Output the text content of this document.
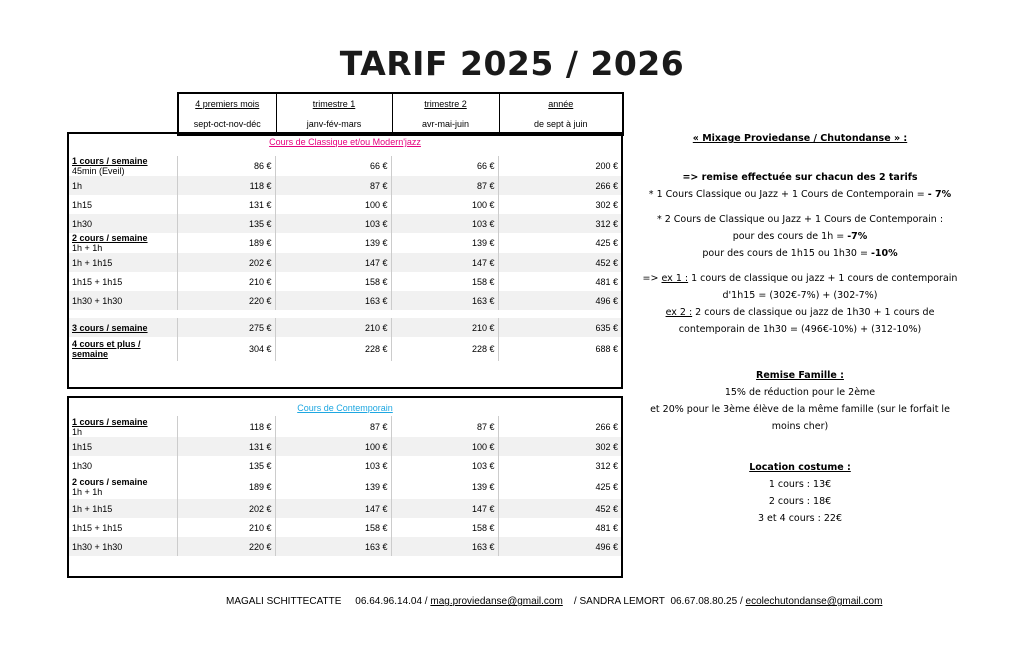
TARIF 2025 / 2026
4 premiers mois	trimestre 1	trimestre 2	année
sept-oct-nov-déc	janv-fév-mars	avr-mai-juin	de sept à juin
Cours de Classique et/ou Modern'jazz				

1 cours / semaine
45min (Eveil)	86 €	66 €	66 €	200 €
1h	118 €	87 €	87 €	266 €
1h15	131 €	100 €	100 €	302 €
1h30	135 €	103 €	103 €	312 €

2 cours / semaine
1h + 1h	189 €	139 €	139 €	425 €
1h + 1h15	202 €	147 €	147 €	452 €
1h15 + 1h15	210 €	158 €	158 €	481 €
1h30 + 1h30	220 €	163 €	163 €	496 €

3 cours / semaine	275 €	210 €	210 €	635 €

4 cours et plus / semaine	304 €	228 €	228 €	688 €
Cours de Contemporain				

1 cours / semaine
1h	118 €	87 €	87 €	266 €
1h15	131 €	100 €	100 €	302 €
1h30	135 €	103 €	103 €	312 €

2 cours / semaine
1h + 1h	189 €	139 €	139 €	425 €
1h + 1h15	202 €	147 €	147 €	452 €
1h15 + 1h15	210 €	158 €	158 €	481 €
1h30 + 1h30	220 €	163 €	163 €	496 €

« Mixage Proviedanse / Chutondanse » :

=> remise effectuée sur chacun des 2 tarifs

* 1 Cours Classique ou Jazz + 1 Cours de Contemporain = - 7%

* 2 Cours de Classique ou Jazz + 1 Cours de Contemporain :

pour des cours de 1h = -7%

pour des cours de 1h15 ou 1h30 = -10%

=> ex 1 : 1 cours de classique ou jazz + 1 cours de contemporain

d'1h15 = (302€-7%) + (302-7%)

ex 2 : 2 cours de classique ou jazz de 1h30 + 1 cours de

contemporain de 1h30 = (496€-10%) + (312-10%)

Remise Famille :

15% de réduction pour le 2ème

et 20% pour le 3ème élève de la même famille (sur le forfait le

moins cher)

Location costume :

1 cours : 13€

2 cours : 18€

3 et 4 cours : 22€

MAGALI SCHITTECATTE 06.64.96.14.04 / mag.proviedanse@gmail.com    / SANDRA LEMORT 06.67.08.80.25 / ecolechutondanse@gmail.com
